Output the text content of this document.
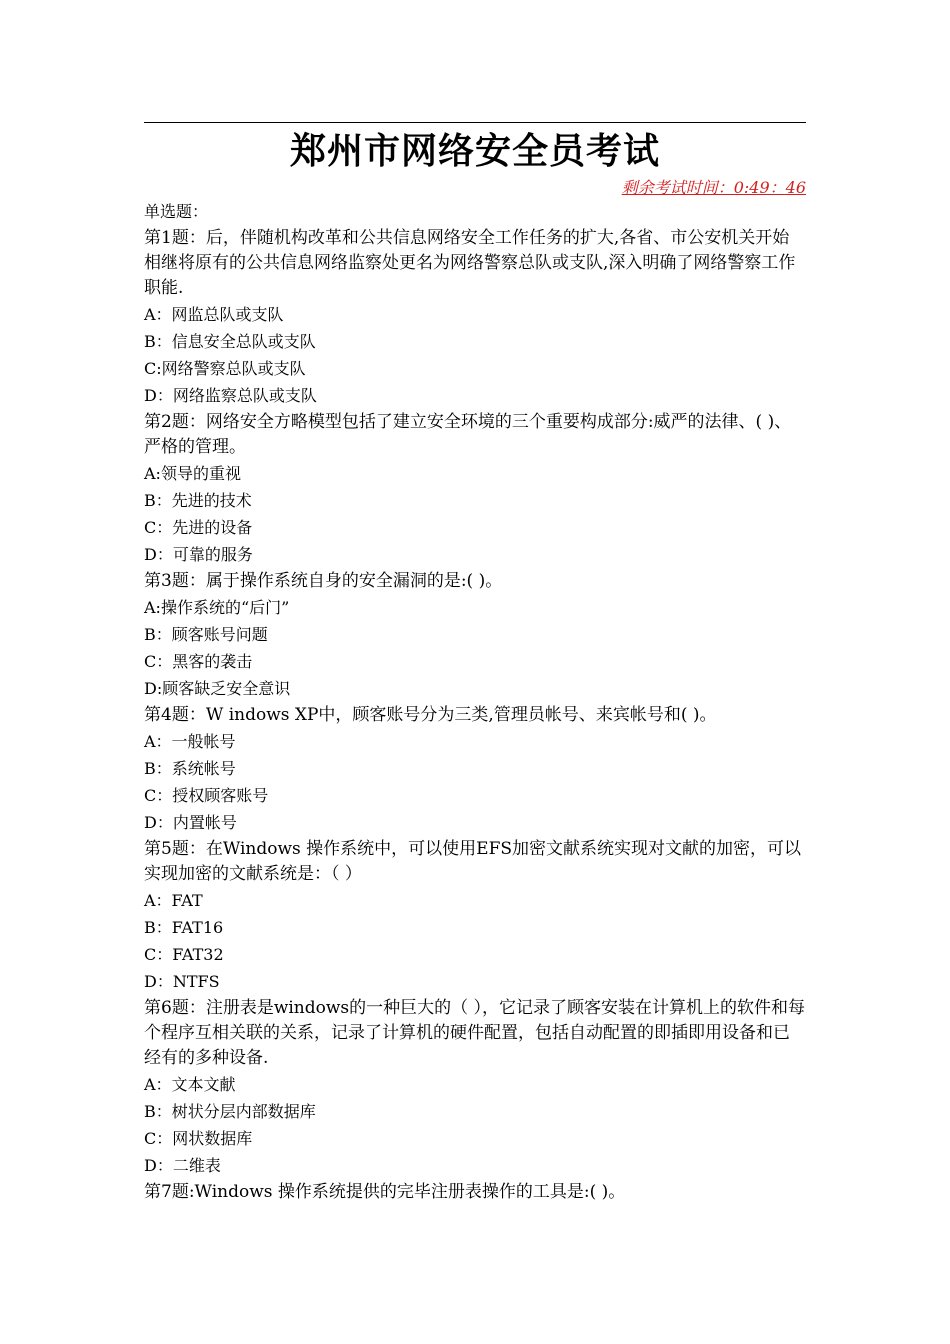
郑州市网络安全员考试
剩余考试时间：0:49：46
单选题：
第1题：后，伴随机构改革和公共信息网络安全工作任务的扩大,各省、市公安机关开始相继将原有的公共信息网络监察处更名为网络警察总队或支队,深入明确了网络警察工作职能.
A：网监总队或支队
B：信息安全总队或支队
C:网络警察总队或支队
D：网络监察总队或支队
第2题：网络安全方略模型包括了建立安全环境的三个重要构成部分:威严的法律、( )、严格的管理。
A:领导的重视
B：先进的技术
C：先进的设备
D：可靠的服务
第3题：属于操作系统自身的安全漏洞的是:( )。
A:操作系统的“后门”
B：顾客账号问题
C：黑客的袭击
D:顾客缺乏安全意识
第4题：W indows XP中，顾客账号分为三类,管理员帐号、来宾帐号和( )。
A：一般帐号
B：系统帐号
C：授权顾客账号
D：内置帐号
第5题：在Windows 操作系统中，可以使用EFS加密文献系统实现对文献的加密，可以实现加密的文献系统是：（ ）
A：FAT
B：FAT16
C：FAT32
D：NTFS
第6题：注册表是windows的一种巨大的（ ），它记录了顾客安装在计算机上的软件和每个程序互相关联的关系，记录了计算机的硬件配置，包括自动配置的即插即用设备和已经有的多种设备.
A：文本文献
B：树状分层内部数据库
C：网状数据库
D：二维表
第7题:Windows 操作系统提供的完毕注册表操作的工具是:( )。
